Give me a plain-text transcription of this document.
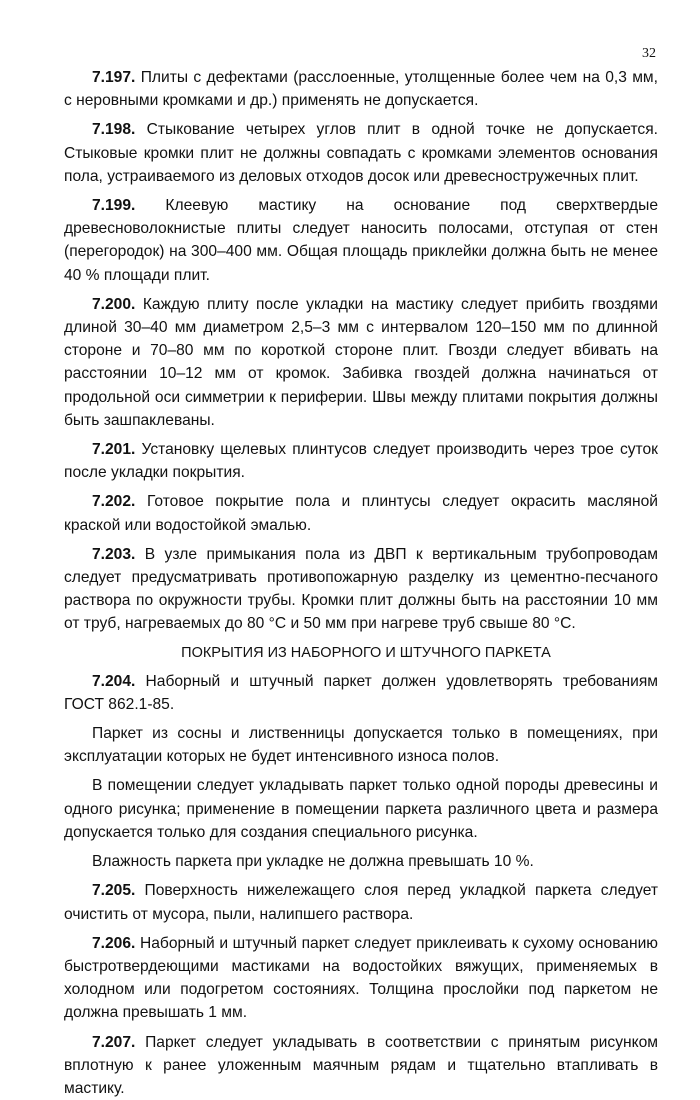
32

7.197. Плиты с дефектами (расслоенные, утолщенные более чем на 0,3 мм, с неровными кромками и др.) применять не допускается.

7.198. Стыкование четырех углов плит в одной точке не допускается. Стыковые кромки плит не должны совпадать с кромками элементов основания пола, устраиваемого из деловых отходов досок или древесностружечных плит.

7.199. Клеевую мастику на основание под сверхтвердые древесноволокнистые плиты следует наносить полосами, отступая от стен (перегородок) на 300–400 мм. Общая площадь приклейки должна быть не менее 40 % площади плит.

7.200. Каждую плиту после укладки на мастику следует прибить гвоздями длиной 30–40 мм диаметром 2,5–3 мм с интервалом 120–150 мм по длинной стороне и 70–80 мм по короткой стороне плит. Гвозди следует вбивать на расстоянии 10–12 мм от кромок. Забивка гвоздей должна начинаться от продольной оси симметрии к периферии. Швы между плитами покрытия должны быть зашпаклеваны.

7.201. Установку щелевых плинтусов следует производить через трое суток после укладки покрытия.

7.202. Готовое покрытие пола и плинтусы следует окрасить масляной краской или водостойкой эмалью.

7.203. В узле примыкания пола из ДВП к вертикальным трубопроводам следует предусматривать противопожарную разделку из цементно-песчаного раствора по окружности трубы. Кромки плит должны быть на расстоянии 10 мм от труб, нагреваемых до 80 °С и 50 мм при нагреве труб свыше 80 °С.

ПОКРЫТИЯ ИЗ НАБОРНОГО И ШТУЧНОГО ПАРКЕТА

7.204. Наборный и штучный паркет должен удовлетворять требованиям ГОСТ 862.1-85.

Паркет из сосны и лиственницы допускается только в помещениях, при эксплуатации которых не будет интенсивного износа полов.

В помещении следует укладывать паркет только одной породы древесины и одного рисунка; применение в помещении паркета различного цвета и размера допускается только для создания специального рисунка.

Влажность паркета при укладке не должна превышать 10 %.

7.205. Поверхность нижележащего слоя перед укладкой паркета следует очистить от мусора, пыли, налипшего раствора.

7.206. Наборный и штучный паркет следует приклеивать к сухому основанию быстротвердеющими мастиками на водостойких вяжущих, применяемых в холодном или подогретом состояниях. Толщина прослойки под паркетом не должна превышать 1 мм.

7.207. Паркет следует укладывать в соответствии с принятым рисунком вплотную к ранее уложенным маячным рядам и тщательно втапливать в мастику.
